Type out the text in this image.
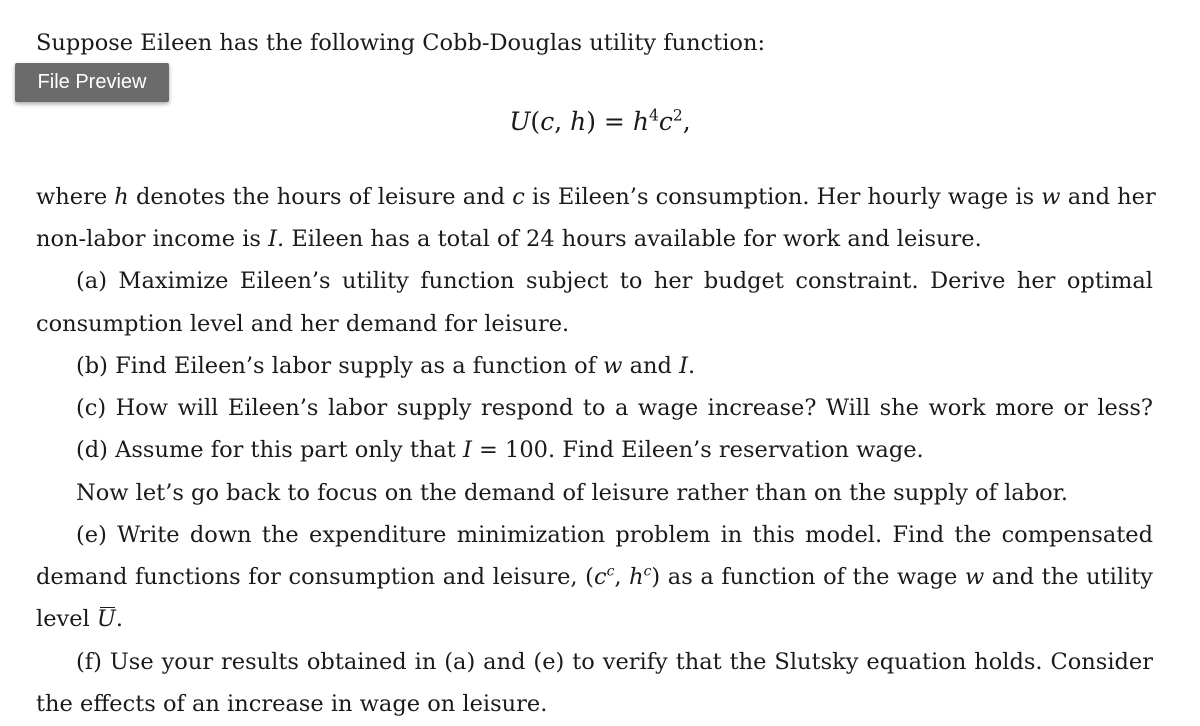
Suppose Eileen has the following Cobb-Douglas utility function:
File Preview
U(c, $h) = h^4c^2$,
where h denotes the hours of leisure and c is Eileen’s consumption. Her hourly wage is w and her
non-labor income is I. Eileen has a total of 24 hours available for work and leisure.
(a) Maximize Eileen’s utility function subject to her budget constraint. Derive her optimal
consumption level and her demand for leisure.
(b) Find Eileen’s labor supply as a function of w and I.
(c) How will Eileen’s labor supply respond to a wage increase? Will she work more or less?
(d) Assume for this part only that I = 100. Find Eileen’s reservation wage.
Now let’s go back to focus on the demand of leisure rather than on the supply of labor.
(e) Write down the expenditure minimization problem in this model. Find the compensated
demand functions for consumption and leisure, ($c^c$, $h^c$) as a function of the wage w and the utility
level U.
(f) Use your results obtained in (a) and (e) to verify that the Slutsky equation holds. Consider
the effects of an increase in wage on leisure.
